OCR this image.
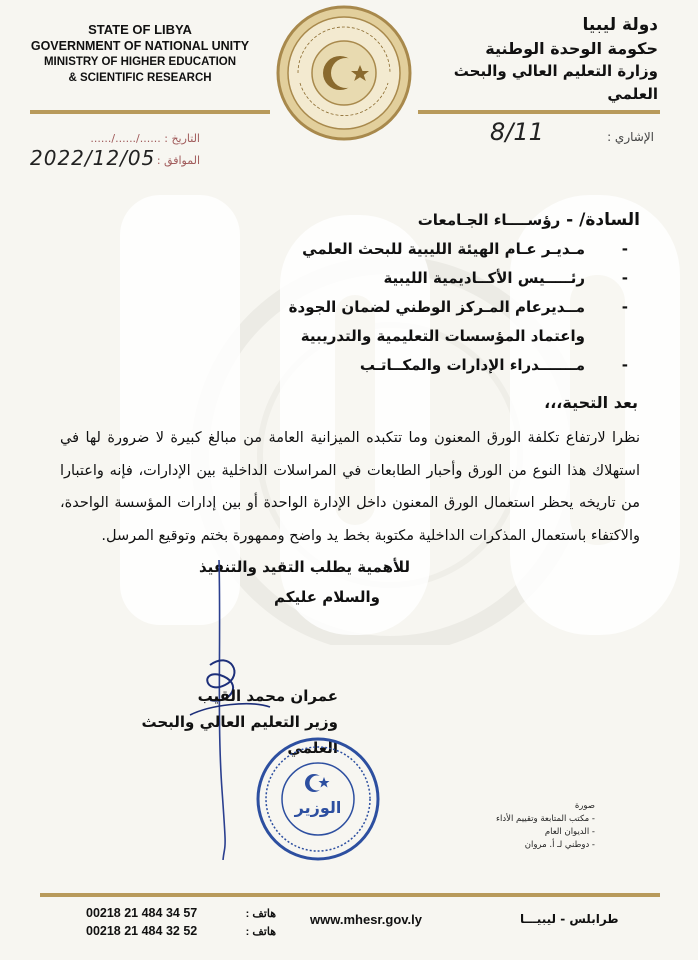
STATE OF LIBYA
GOVERNMENT OF NATIONAL UNITY
MINISTRY OF HIGHER EDUCATION
& SCIENTIFIC RESEARCH
دولة ليبيا
حكومة الوحدة الوطنية
وزارة التعليم العالي والبحث العلمي
التاريخ : ....../....../......
الموافق :
2022/12/05
الإشاري :
8/11
السادة/ - رؤســــاء الجـامعات
- مـديـر عـام الهيئة الليبية للبحث العلمي
- رئـــــيس الأكــاديمية الليبية
- مــديرعام المـركز الوطني لضمان الجودة
واعتماد المؤسسات التعليمية والتدريبية
- مـــــــدراء الإدارات والمكــاتـب
بعد التحية،،،
نظرا لارتفاع تكلفة الورق المعنون وما تتكبده الميزانية العامة من مبالغ كبيرة لا ضرورة لها في استهلاك هذا النوع من الورق وأحبار الطابعات في المراسلات الداخلية بين الإدارات، فإنه واعتبارا من تاريخه يحظر استعمال الورق المعنون داخل الإدارة الواحدة أو بين إدارات المؤسسة الواحدة، والاكتفاء باستعمال المذكرات الداخلية مكتوبة بخط يد واضح وممهورة بختم وتوقيع المرسل.
للأهمية يطلب التقيد والتنفيذ
والسلام عليكم
عمران محمد القيب
وزير التعليم العالي والبحث العلمي
الوزير	صورة
- مكتب المتابعة وتقييم الأداء
- الديوان العام
- دوطني لـ أ. مروان
00218 21 484 34 57	هاتف :
00218 21 484 32 52	هاتف :
www.mhesr.gov.ly	طرابلس - ليبيـــا
